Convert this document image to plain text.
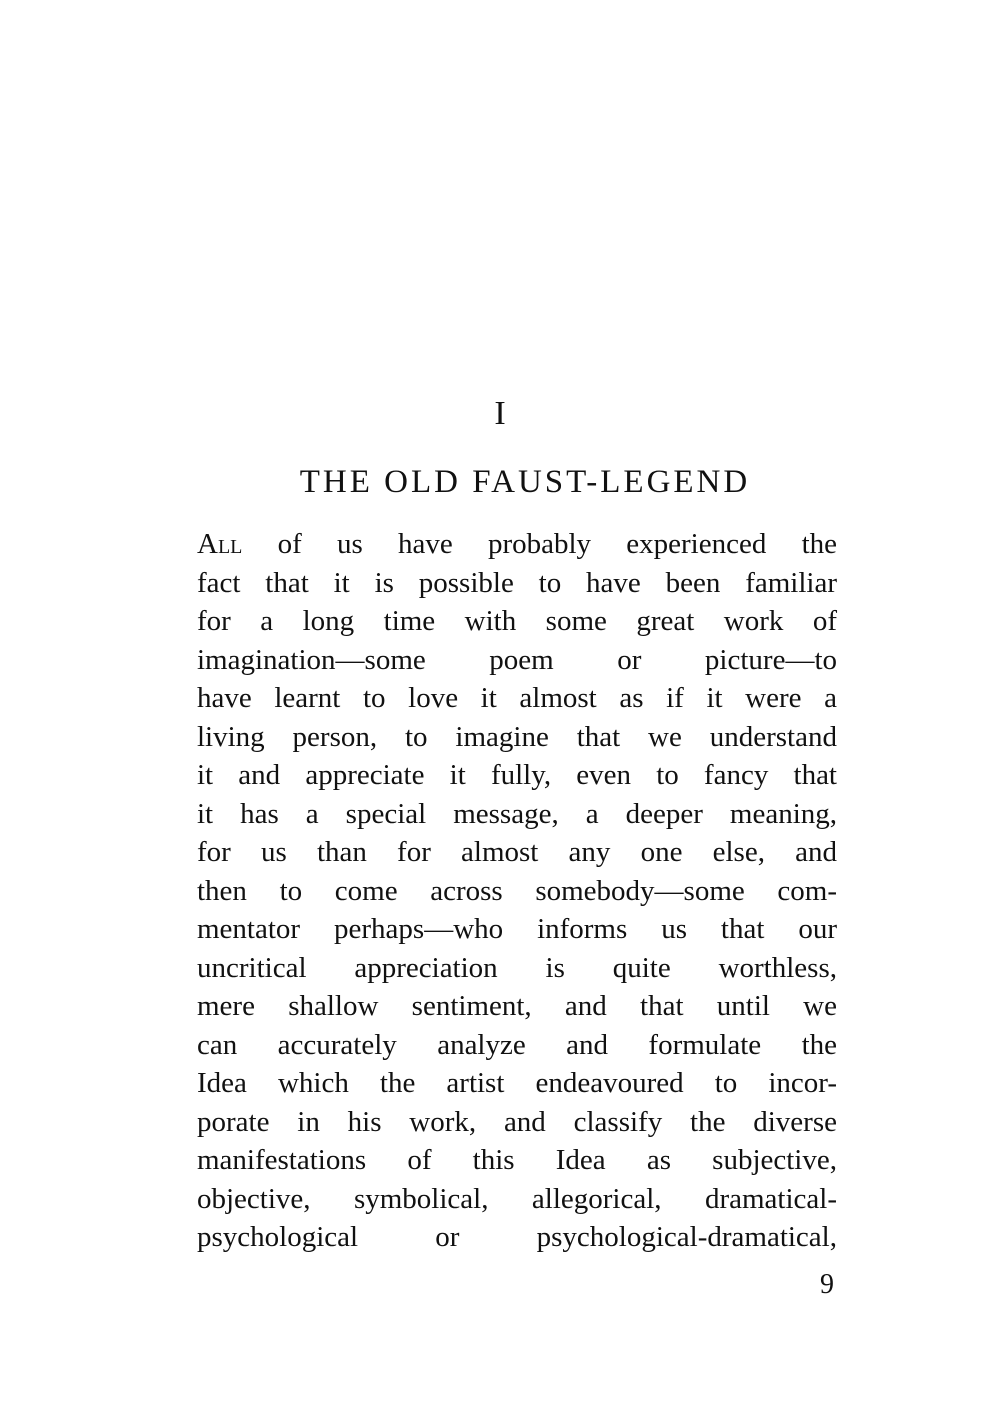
I
THE OLD FAUST-LEGEND
All of us have probably experienced the
fact that it is possible to have been familiar
for a long time with some great work of
imagination—some poem or picture—to
have learnt to love it almost as if it were a
living person, to imagine that we understand
it and appreciate it fully, even to fancy that
it has a special message, a deeper meaning,
for us than for almost any one else, and
then to come across somebody—some com-
mentator perhaps—who informs us that our
uncritical appreciation is quite worthless,
mere shallow sentiment, and that until we
can accurately analyze and formulate the
Idea which the artist endeavoured to incor-
porate in his work, and classify the diverse
manifestations of this Idea as subjective,
objective, symbolical, allegorical, dramatical-
psychological or psychological-dramatical,
9
